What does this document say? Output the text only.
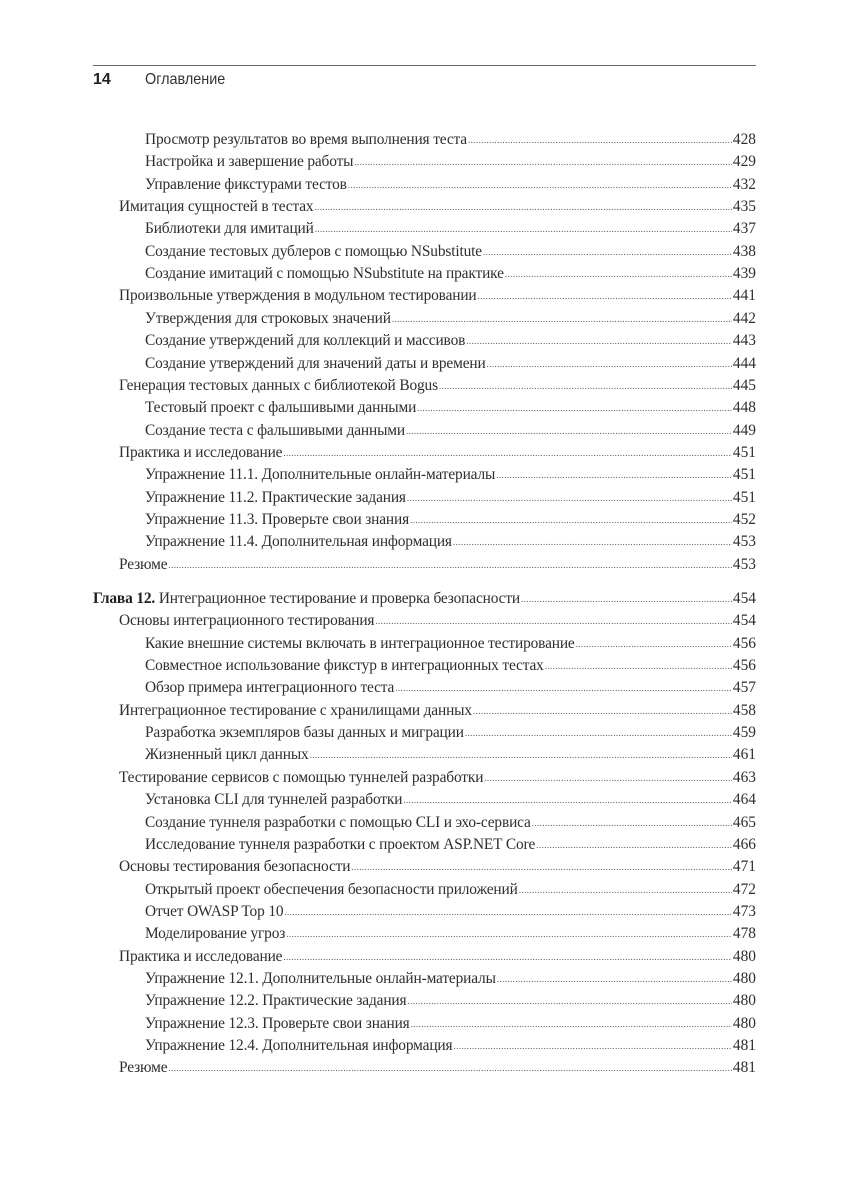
14 Оглавление
Просмотр результатов во время выполнения теста .....	428
Настройка и завершение работы .....	429
Управление фикстурами тестов .....	432
Имитация сущностей в тестах .....	435
Библиотеки для имитаций .....	437
Создание тестовых дублеров с помощью NSubstitute .....	438
Создание имитаций с помощью NSubstitute на практике .....	439
Произвольные утверждения в модульном тестировании .....	441
Утверждения для строковых значений .....	442
Создание утверждений для коллекций и массивов .....	443
Создание утверждений для значений даты и времени .....	444
Генерация тестовых данных с библиотекой Bogus .....	445
Тестовый проект с фальшивыми данными .....	448
Создание теста с фальшивыми данными .....	449
Практика и исследование .....	451
Упражнение 11.1. Дополнительные онлайн-материалы .....	451
Упражнение 11.2. Практические задания .....	451
Упражнение 11.3. Проверьте свои знания .....	452
Упражнение 11.4. Дополнительная информация .....	453
Резюме .....	453
Глава 12. Интеграционное тестирование и проверка безопасности .....	454
Основы интеграционного тестирования .....	454
Какие внешние системы включать в интеграционное тестирование .....	456
Совместное использование фикстур в интеграционных тестах .....	456
Обзор примера интеграционного теста .....	457
Интеграционное тестирование с хранилищами данных .....	458
Разработка экземпляров базы данных и миграции .....	459
Жизненный цикл данных .....	461
Тестирование сервисов с помощью туннелей разработки .....	463
Установка CLI для туннелей разработки .....	464
Создание туннеля разработки с помощью CLI и эхо-сервиса .....	465
Исследование туннеля разработки с проектом ASP.NET Core .....	466
Основы тестирования безопасности .....	471
Открытый проект обеспечения безопасности приложений .....	472
Отчет OWASP Top 10 .....	473
Моделирование угроз .....	478
Практика и исследование .....	480
Упражнение 12.1. Дополнительные онлайн-материалы .....	480
Упражнение 12.2. Практические задания .....	480
Упражнение 12.3. Проверьте свои знания .....	480
Упражнение 12.4. Дополнительная информация .....	481
Резюме .....	481
